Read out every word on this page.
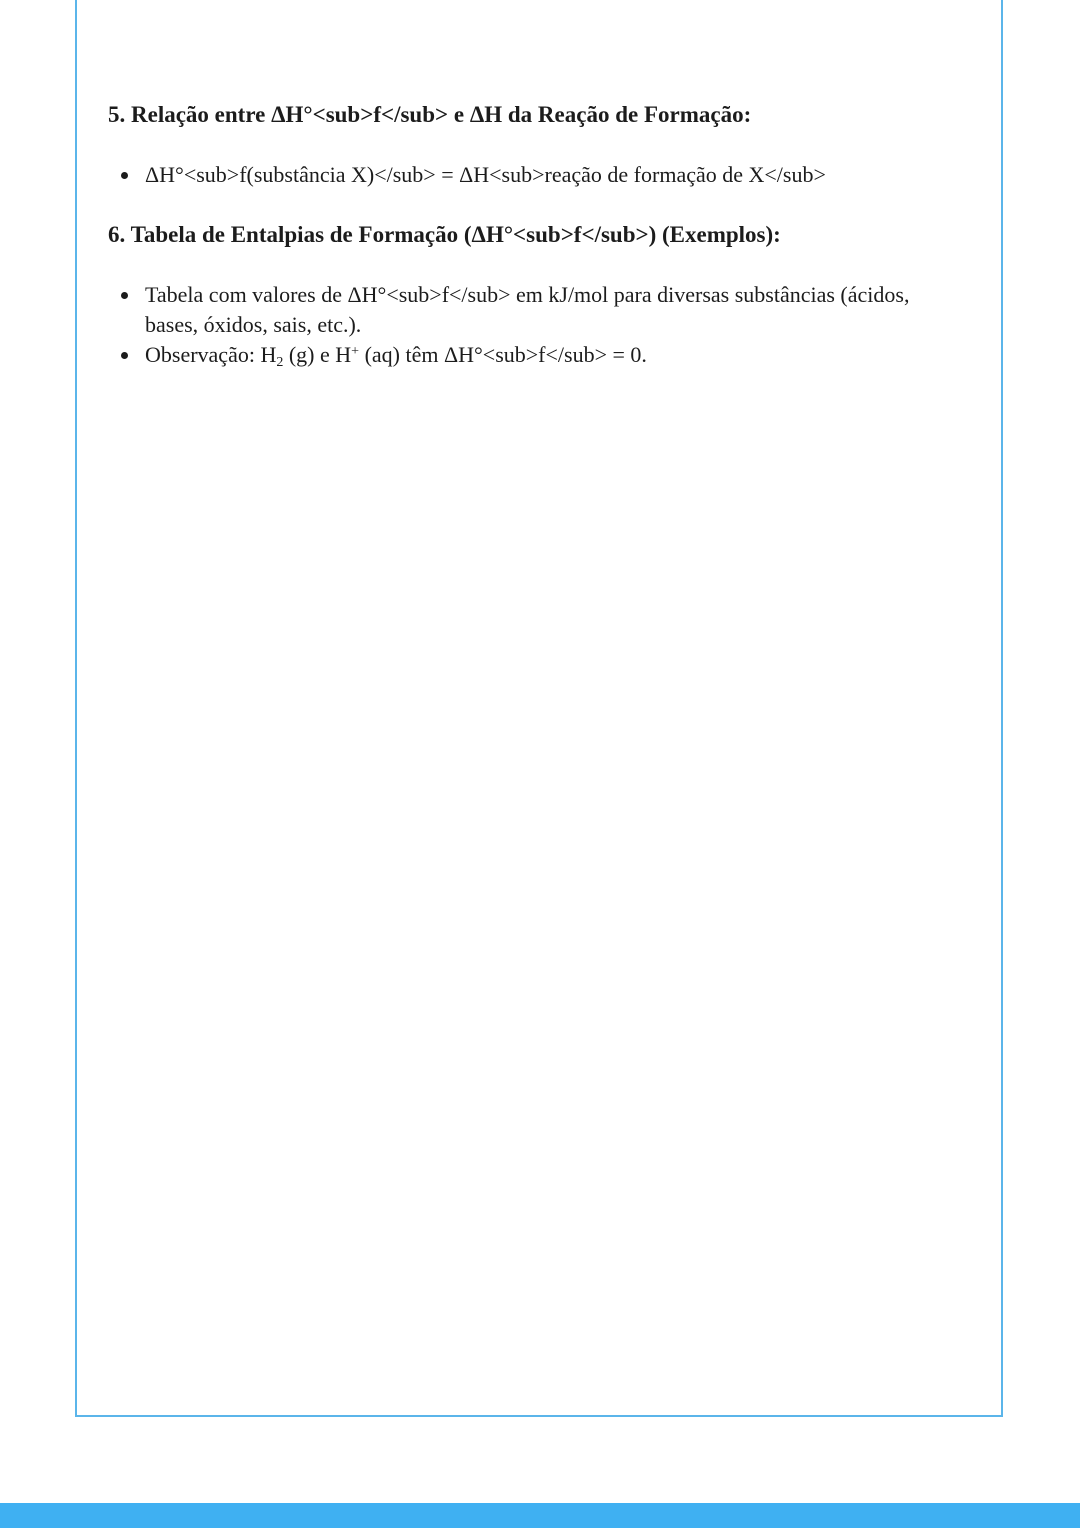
5. Relação entre ΔH°<sub>f</sub> e ΔH da Reação de Formação:
ΔH°<sub>f(substância X)</sub> = ΔH<sub>reação de formação de X</sub>
6. Tabela de Entalpias de Formação (ΔH°<sub>f</sub>) (Exemplos):
Tabela com valores de ΔH°<sub>f</sub> em kJ/mol para diversas substâncias (ácidos, bases, óxidos, sais, etc.).
Observação: $H_2$ (g) e H+ (aq) têm ΔH°<sub>f</sub> = 0.
